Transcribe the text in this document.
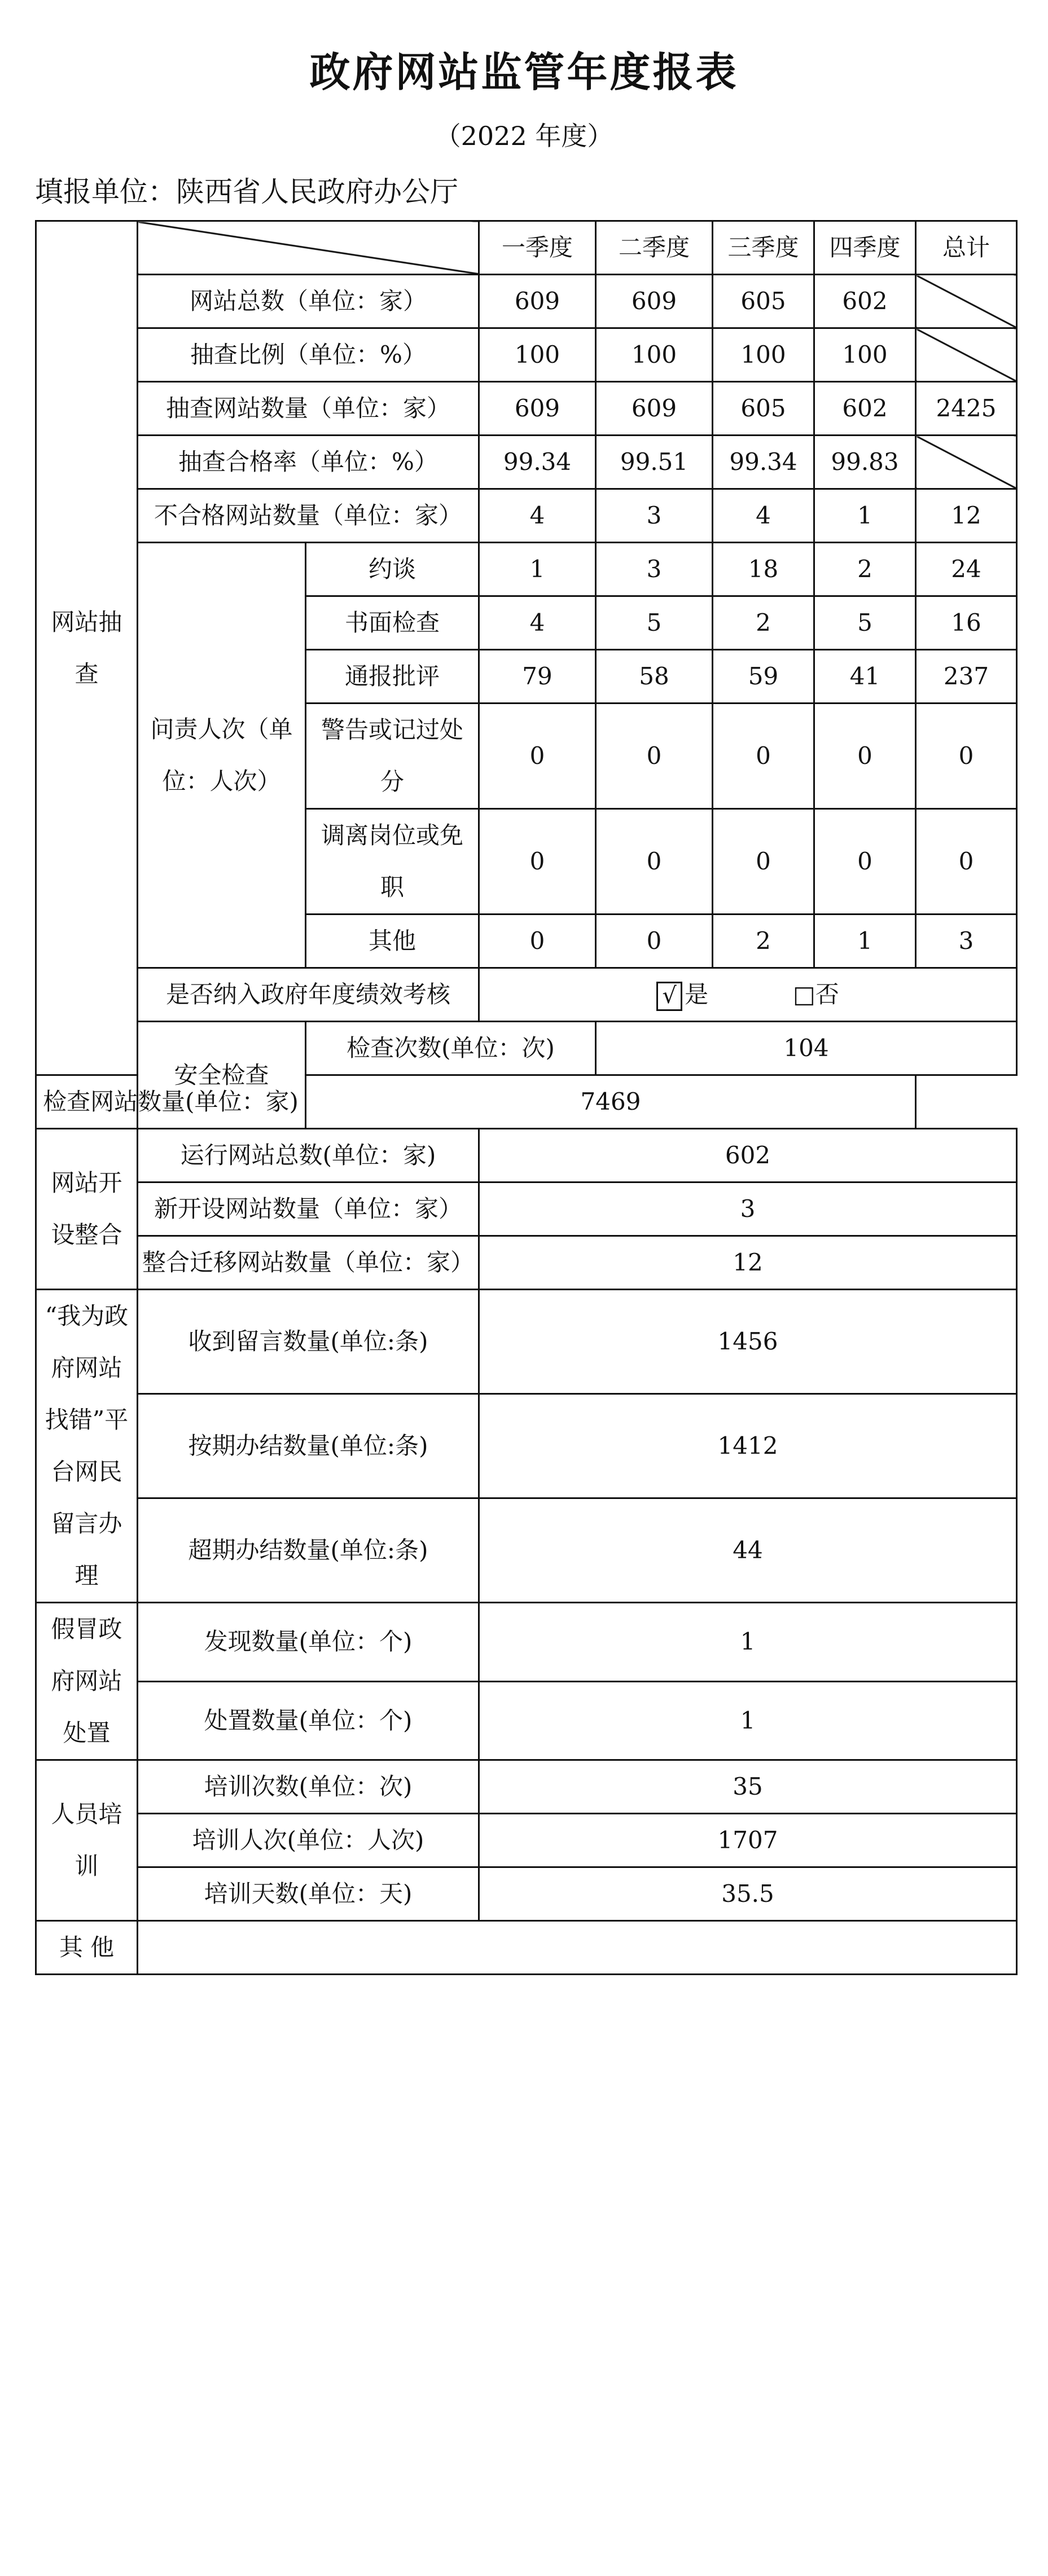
政府网站监管年度报表
（2022 年度）
填报单位：陕西省人民政府办公厅
网站抽查			一季度	二季度	三季度	四季度	总计
	网站总数（单位：家）		609	609	605	602	
	抽查比例（单位：%）		100	100	100	100	
	抽查网站数量（单位：家）		609	609	605	602	2425
	抽查合格率（单位：%）		99.34	99.51	99.34	99.83	
	不合格网站数量（单位：家）		4	3	4	1	12
	问责人次（单位：人次）	约谈	1	3	18	2	24
		书面检查	4	5	2	5	16
		通报批评	79	58	59	41	237
		警告或记过处分	0	0	0	0	0
		调离岗位或免职	0	0	0	0	0
		其他	0	0	2	1	3
	是否纳入政府年度绩效考核		√ 是 □否				
	安全检查	检查次数(单位：次)		104			
检查网站数量(单位：家)		7469					
网站开设整合	运行网站总数(单位：家)		602				
	新开设网站数量（单位：家）		3				
	整合迁移网站数量（单位：家）		12				
“我为政府网站找错”平台网民留言办理	收到留言数量(单位:条)		1456				
	按期办结数量(单位:条)		1412				
	超期办结数量(单位:条)		44				
假冒政府网站处置	发现数量(单位：个)		1				
	处置数量(单位：个)		1				
人员培训	培训次数(单位：次)		35				
	培训人次(单位：人次)		1707				
	培训天数(单位：天)		35.5				
其 他							
